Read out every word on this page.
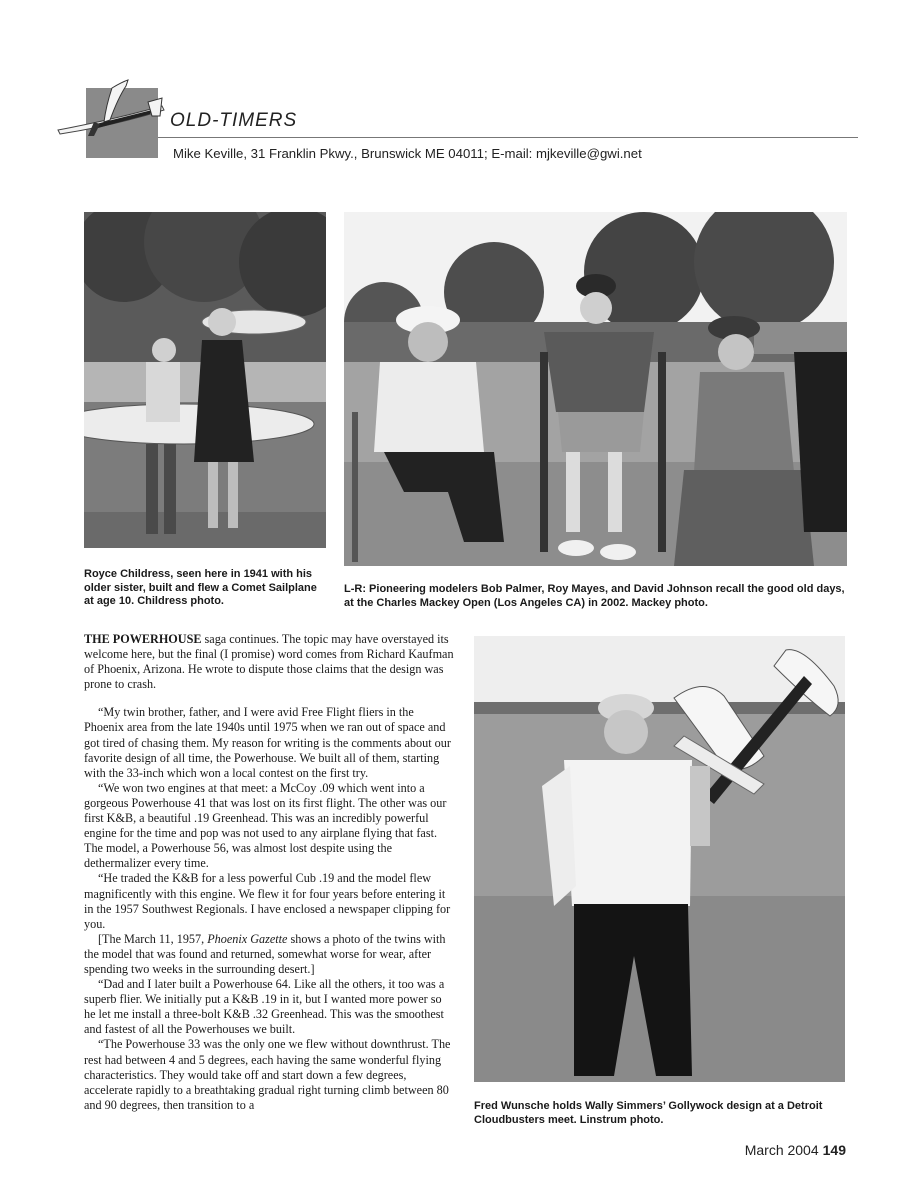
OLD-TIMERS
Mike Keville, 31 Franklin Pkwy., Brunswick ME 04011; E-mail: mjkeville@gwi.net
Royce Childress, seen here in 1941 with his older sister, built and flew a Comet Sailplane at age 10. Childress photo.
L-R: Pioneering modelers Bob Palmer, Roy Mayes, and David Johnson recall the good old days, at the Charles Mackey Open (Los Angeles CA) in 2002. Mackey photo.
Fred Wunsche holds Wally Simmers’ Gollywock design at a Detroit Cloudbusters meet. Linstrum photo.

THE POWERHOUSE saga continues. The topic may have overstayed its welcome here, but the final (I promise) word comes from Richard Kaufman of Phoenix, Arizona. He wrote to dispute those claims that the design was prone to crash.

“My twin brother, father, and I were avid Free Flight fliers in the Phoenix area from the late 1940s until 1975 when we ran out of space and got tired of chasing them. My reason for writing is the comments about our favorite design of all time, the Powerhouse. We built all of them, starting with the 33-inch which won a local contest on the first try.

“We won two engines at that meet: a McCoy .09 which went into a gorgeous Powerhouse 41 that was lost on its first flight. The other was our first K&B, a beautiful .19 Greenhead. This was an incredibly powerful engine for the time and pop was not used to any airplane flying that fast. The model, a Powerhouse 56, was almost lost despite using the dethermalizer every time.

“He traded the K&B for a less powerful Cub .19 and the model flew magnificently with this engine. We flew it for four years before entering it in the 1957 Southwest Regionals. I have enclosed a newspaper clipping for you.

[The March 11, 1957, Phoenix Gazette shows a photo of the twins with the model that was found and returned, somewhat worse for wear, after spending two weeks in the surrounding desert.]

“Dad and I later built a Powerhouse 64. Like all the others, it too was a superb flier. We initially put a K&B .19 in it, but I wanted more power so he let me install a three-bolt K&B .32 Greenhead. This was the smoothest and fastest of all the Powerhouses we built.

“The Powerhouse 33 was the only one we flew without downthrust. The rest had between 4 and 5 degrees, each having the same wonderful flying characteristics. They would take off and start down a few degrees, accelerate rapidly to a breathtaking gradual right turning climb between 80 and 90 degrees, then transition to a

March 2004 149
